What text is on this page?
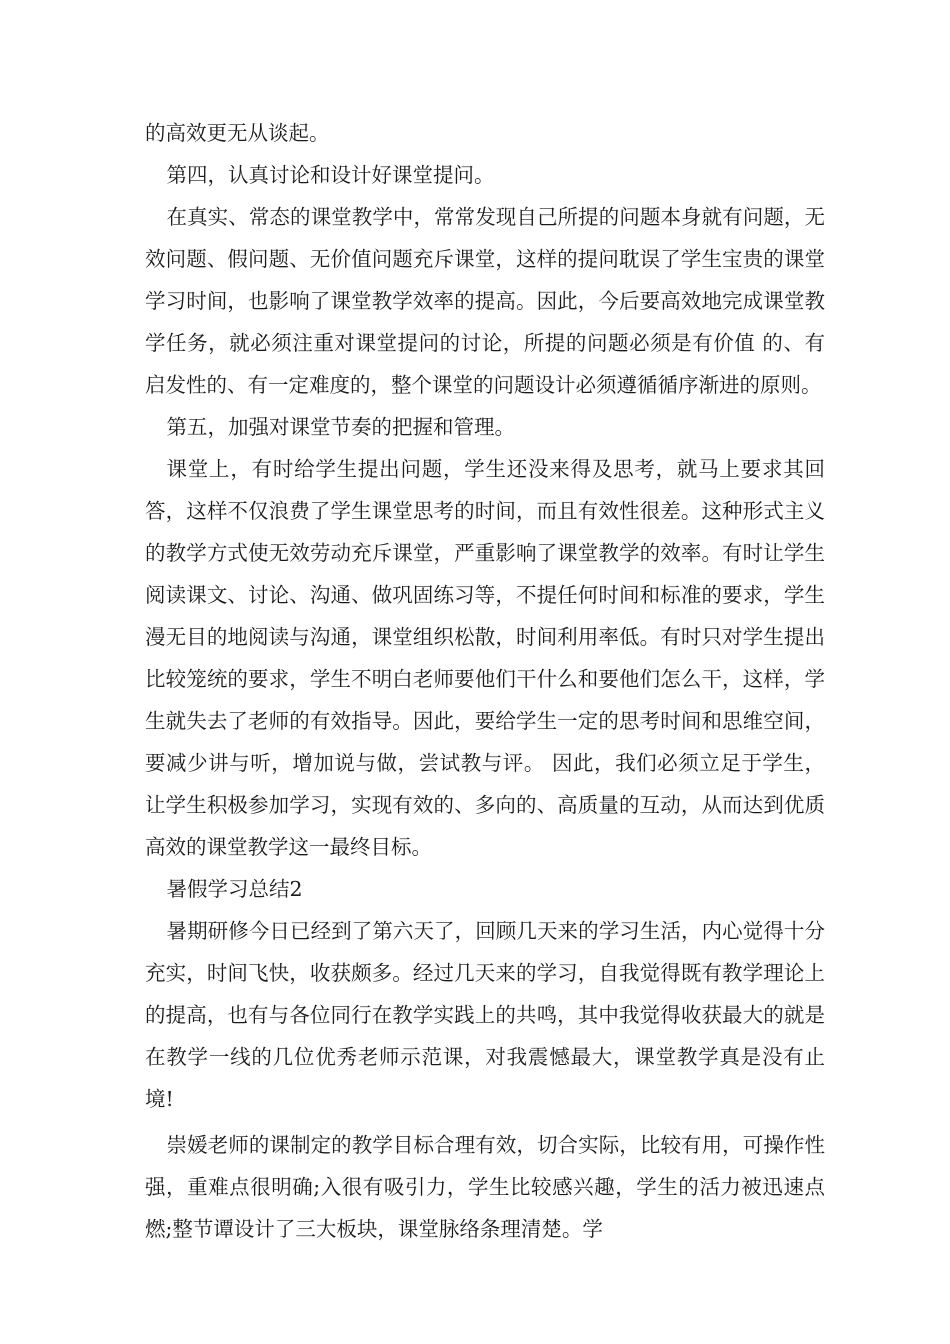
的高效更无从谈起。

第四，认真讨论和设计好课堂提问。

在真实、常态的课堂教学中，常常发现自己所提的问题本身就有问题，无效问题、假问题、无价值问题充斥课堂，这样的提问耽误了学生宝贵的课堂学习时间，也影响了课堂教学效率的提高。因此，今后要高效地完成课堂教学任务，就必须注重对课堂提问的讨论，所提的问题必须是有价值 的、有启发性的、有一定难度的，整个课堂的问题设计必须遵循循序渐进的原则。

第五，加强对课堂节奏的把握和管理。

课堂上，有时给学生提出问题，学生还没来得及思考，就马上要求其回答，这样不仅浪费了学生课堂思考的时间，而且有效性很差。这种形式主义的教学方式使无效劳动充斥课堂，严重影响了课堂教学的效率。有时让学生阅读课文、讨论、沟通、做巩固练习等，不提任何时间和标准的要求，学生漫无目的地阅读与沟通，课堂组织松散，时间利用率低。有时只对学生提出比较笼统的要求，学生不明白老师要他们干什么和要他们怎么干，这样，学生就失去了老师的有效指导。因此，要给学生一定的思考时间和思维空间，要减少讲与听，增加说与做，尝试教与评。 因此，我们必须立足于学生，让学生积极参加学习，实现有效的、多向的、高质量的互动，从而达到优质高效的课堂教学这一最终目标。

暑假学习总结2

暑期研修今日已经到了第六天了，回顾几天来的学习生活，内心觉得十分充实，时间飞快，收获颇多。经过几天来的学习，自我觉得既有教学理论上的提高，也有与各位同行在教学实践上的共鸣，其中我觉得收获最大的就是在教学一线的几位优秀老师示范课，对我震憾最大，课堂教学真是没有止境!

崇媛老师的课制定的教学目标合理有效，切合实际，比较有用，可操作性强，重难点很明确;入很有吸引力，学生比较感兴趣，学生的活力被迅速点燃;整节谭设计了三大板块，课堂脉络条理清楚。学
